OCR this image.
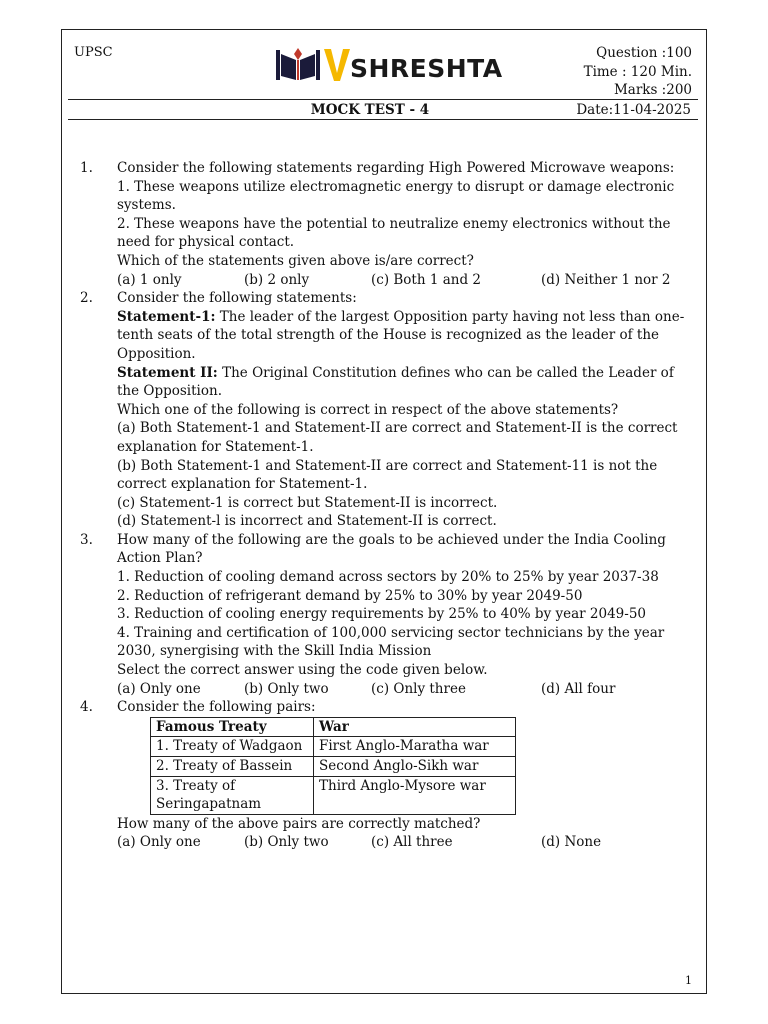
UPSC
SHRESHTA
Question :100
Time : 120 Min.
Marks :200
MOCK TEST - 4	Date:11-04-2025
1. Consider the following statements regarding High Powered Microwave weapons:
1. These weapons utilize electromagnetic energy to disrupt or damage electronic systems.
2. These weapons have the potential to neutralize enemy electronics without the need for physical contact.
Which of the statements given above is/are correct?
(a) 1 only	(b) 2 only	(c) Both 1 and 2	(d) Neither 1 nor 2
2. Consider the following statements:
Statement-1: The leader of the largest Opposition party having not less than one-tenth seats of the total strength of the House is recognized as the leader of the Opposition.
Statement II: The Original Constitution defines who can be called the Leader of the Opposition.
Which one of the following is correct in respect of the above statements?
(a) Both Statement-1 and Statement-II are correct and Statement-II is the correct explanation for Statement-1.
(b) Both Statement-1 and Statement-II are correct and Statement-11 is not the correct explanation for Statement-1.
(c) Statement-1 is correct but Statement-II is incorrect.
(d) Statement-l is incorrect and Statement-II is correct.
3. How many of the following are the goals to be achieved under the India Cooling Action Plan?
1. Reduction of cooling demand across sectors by 20% to 25% by year 2037-38
2. Reduction of refrigerant demand by 25% to 30% by year 2049-50
3. Reduction of cooling energy requirements by 25% to 40% by year 2049-50
4. Training and certification of 100,000 servicing sector technicians by the year 2030, synergising with the Skill India Mission
Select the correct answer using the code given below.
(a) Only one	(b) Only two	(c) Only three	(d) All four
4. Consider the following pairs:
Famous Treaty	War
1. Treaty of Wadgaon	First Anglo-Maratha war
2. Treaty of Bassein	Second Anglo-Sikh war
3. Treaty of Seringapatnam	Third Anglo-Mysore war
How many of the above pairs are correctly matched?
(a) Only one	(b) Only two	(c) All three	(d) None
1
